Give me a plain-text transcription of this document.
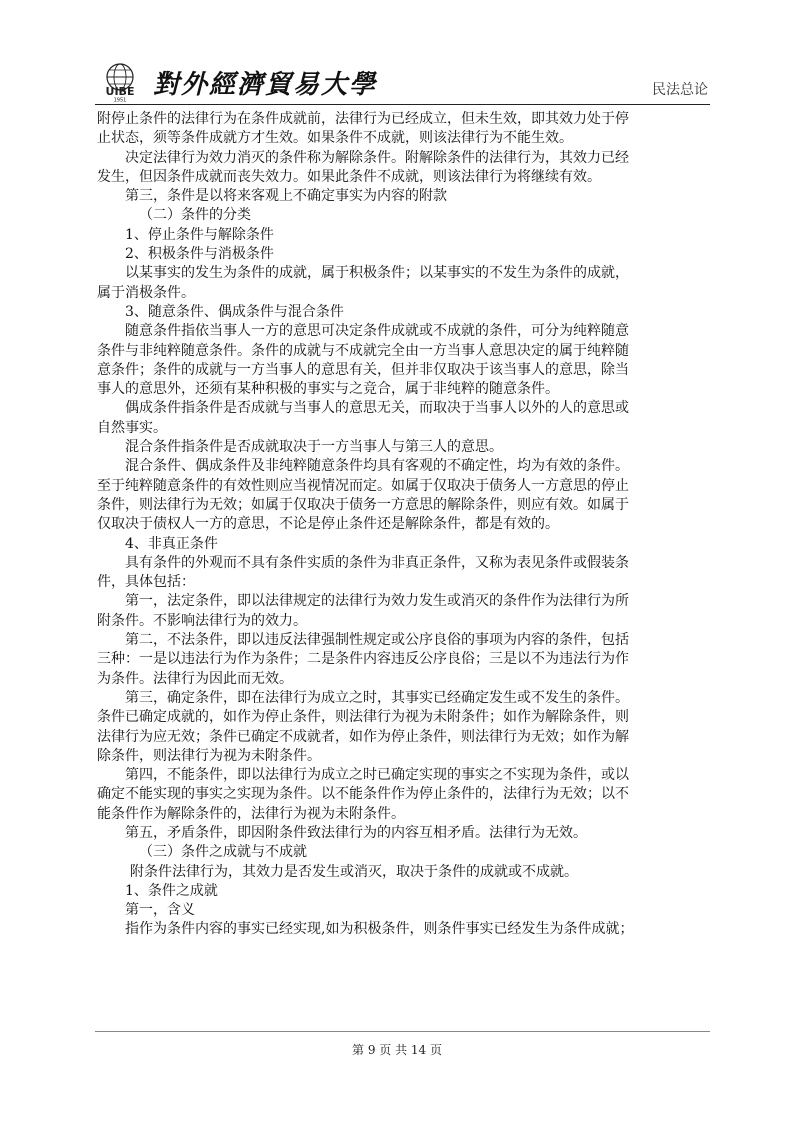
UIBE
1951
對外經濟貿易大學	民法总论
附停止条件的法律行为在条件成就前，法律行为已经成立，但未生效，即其效力处于停
止状态，须等条件成就方才生效。如果条件不成就，则该法律行为不能生效。
决定法律行为效力消灭的条件称为解除条件。附解除条件的法律行为，其效力已经
发生，但因条件成就而丧失效力。如果此条件不成就，则该法律行为将继续有效。
第三，条件是以将来客观上不确定事实为内容的附款
（二）条件的分类
1、停止条件与解除条件
2、积极条件与消极条件
以某事实的发生为条件的成就，属于积极条件；以某事实的不发生为条件的成就，
属于消极条件。
3、随意条件、偶成条件与混合条件
随意条件指依当事人一方的意思可决定条件成就或不成就的条件，可分为纯粹随意
条件与非纯粹随意条件。条件的成就与不成就完全由一方当事人意思决定的属于纯粹随
意条件；条件的成就与一方当事人的意思有关，但并非仅取决于该当事人的意思，除当
事人的意思外，还须有某种积极的事实与之竞合，属于非纯粹的随意条件。
偶成条件指条件是否成就与当事人的意思无关，而取决于当事人以外的人的意思或
自然事实。
混合条件指条件是否成就取决于一方当事人与第三人的意思。
混合条件、偶成条件及非纯粹随意条件均具有客观的不确定性，均为有效的条件。
至于纯粹随意条件的有效性则应当视情况而定。如属于仅取决于债务人一方意思的停止
条件，则法律行为无效；如属于仅取决于债务一方意思的解除条件，则应有效。如属于
仅取决于债权人一方的意思，不论是停止条件还是解除条件，都是有效的。
4、非真正条件
具有条件的外观而不具有条件实质的条件为非真正条件，又称为表见条件或假装条
件，具体包括：
第一，法定条件，即以法律规定的法律行为效力发生或消灭的条件作为法律行为所
附条件。不影响法律行为的效力。
第二，不法条件，即以违反法律强制性规定或公序良俗的事项为内容的条件，包括
三种：一是以违法行为作为条件；二是条件内容违反公序良俗；三是以不为违法行为作
为条件。法律行为因此而无效。
第三，确定条件，即在法律行为成立之时，其事实已经确定发生或不发生的条件。
条件已确定成就的，如作为停止条件，则法律行为视为未附条件；如作为解除条件，则
法律行为应无效；条件已确定不成就者，如作为停止条件，则法律行为无效；如作为解
除条件，则法律行为视为未附条件。
第四，不能条件，即以法律行为成立之时已确定实现的事实之不实现为条件，或以
确定不能实现的事实之实现为条件。以不能条件作为停止条件的，法律行为无效；以不
能条件作为解除条件的，法律行为视为未附条件。
第五，矛盾条件，即因附条件致法律行为的内容互相矛盾。法律行为无效。
（三）条件之成就与不成就
附条件法律行为，其效力是否发生或消灭，取决于条件的成就或不成就。
1、条件之成就
第一，含义
指作为条件内容的事实已经实现,如为积极条件，则条件事实已经发生为条件成就；
第 9 页 共 14 页
